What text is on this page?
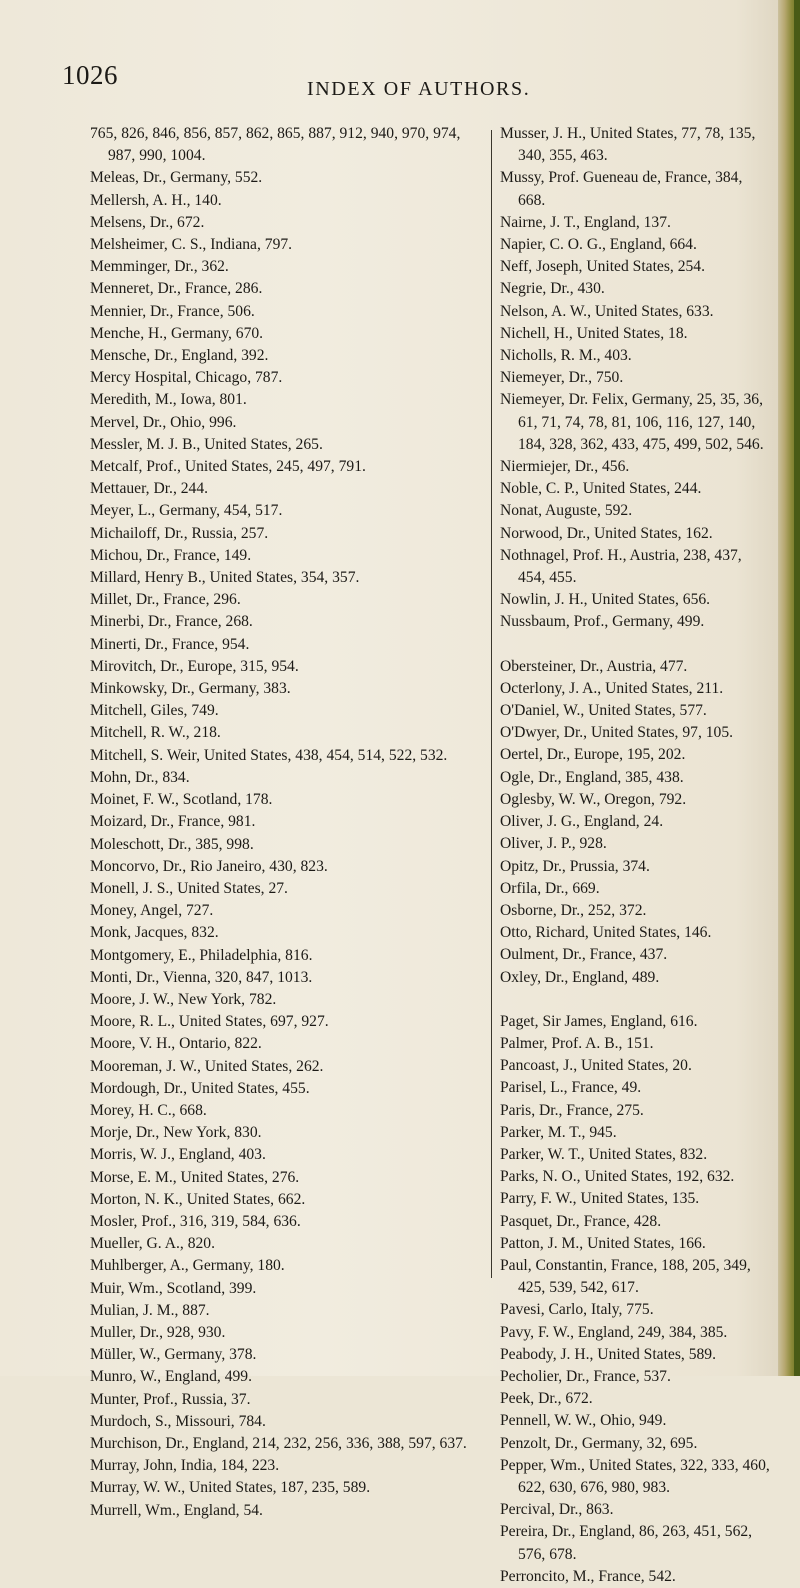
1026	INDEX OF AUTHORS.

765, 826, 846, 856, 857, 862, 865, 887, 912, 940, 970, 974, 987, 990, 1004.

Meleas, Dr., Germany, 552.

Mellersh, A. H., 140.

Melsens, Dr., 672.

Melsheimer, C. S., Indiana, 797.

Memminger, Dr., 362.

Menneret, Dr., France, 286.

Mennier, Dr., France, 506.

Menche, H., Germany, 670.

Mensche, Dr., England, 392.

Mercy Hospital, Chicago, 787.

Meredith, M., Iowa, 801.

Mervel, Dr., Ohio, 996.

Messler, M. J. B., United States, 265.

Metcalf, Prof., United States, 245, 497, 791.

Mettauer, Dr., 244.

Meyer, L., Germany, 454, 517.

Michailoff, Dr., Russia, 257.

Michou, Dr., France, 149.

Millard, Henry B., United States, 354, 357.

Millet, Dr., France, 296.

Minerbi, Dr., France, 268.

Minerti, Dr., France, 954.

Mirovitch, Dr., Europe, 315, 954.

Minkowsky, Dr., Germany, 383.

Mitchell, Giles, 749.

Mitchell, R. W., 218.

Mitchell, S. Weir, United States, 438, 454, 514, 522, 532.

Mohn, Dr., 834.

Moinet, F. W., Scotland, 178.

Moizard, Dr., France, 981.

Moleschott, Dr., 385, 998.

Moncorvo, Dr., Rio Janeiro, 430, 823.

Monell, J. S., United States, 27.

Money, Angel, 727.

Monk, Jacques, 832.

Montgomery, E., Philadelphia, 816.

Monti, Dr., Vienna, 320, 847, 1013.

Moore, J. W., New York, 782.

Moore, R. L., United States, 697, 927.

Moore, V. H., Ontario, 822.

Mooreman, J. W., United States, 262.

Mordough, Dr., United States, 455.

Morey, H. C., 668.

Morje, Dr., New York, 830.

Morris, W. J., England, 403.

Morse, E. M., United States, 276.

Morton, N. K., United States, 662.

Mosler, Prof., 316, 319, 584, 636.

Mueller, G. A., 820.

Muhlberger, A., Germany, 180.

Muir, Wm., Scotland, 399.

Mulian, J. M., 887.

Muller, Dr., 928, 930.

Müller, W., Germany, 378.

Munro, W., England, 499.

Munter, Prof., Russia, 37.

Murdoch, S., Missouri, 784.

Murchison, Dr., England, 214, 232, 256, 336, 388, 597, 637.

Murray, John, India, 184, 223.

Murray, W. W., United States, 187, 235, 589.

Murrell, Wm., England, 54.

Musser, J. H., United States, 77, 78, 135, 340, 355, 463.

Mussy, Prof. Gueneau de, France, 384, 668.

Nairne, J. T., England, 137.

Napier, C. O. G., England, 664.

Neff, Joseph, United States, 254.

Negrie, Dr., 430.

Nelson, A. W., United States, 633.

Nichell, H., United States, 18.

Nicholls, R. M., 403.

Niemeyer, Dr., 750.

Niemeyer, Dr. Felix, Germany, 25, 35, 36, 61, 71, 74, 78, 81, 106, 116, 127, 140, 184, 328, 362, 433, 475, 499, 502, 546.

Niermiejer, Dr., 456.

Noble, C. P., United States, 244.

Nonat, Auguste, 592.

Norwood, Dr., United States, 162.

Nothnagel, Prof. H., Austria, 238, 437, 454, 455.

Nowlin, J. H., United States, 656.

Nussbaum, Prof., Germany, 499.

Obersteiner, Dr., Austria, 477.

Octerlony, J. A., United States, 211.

O'Daniel, W., United States, 577.

O'Dwyer, Dr., United States, 97, 105.

Oertel, Dr., Europe, 195, 202.

Ogle, Dr., England, 385, 438.

Oglesby, W. W., Oregon, 792.

Oliver, J. G., England, 24.

Oliver, J. P., 928.

Opitz, Dr., Prussia, 374.

Orfila, Dr., 669.

Osborne, Dr., 252, 372.

Otto, Richard, United States, 146.

Oulment, Dr., France, 437.

Oxley, Dr., England, 489.

Paget, Sir James, England, 616.

Palmer, Prof. A. B., 151.

Pancoast, J., United States, 20.

Parisel, L., France, 49.

Paris, Dr., France, 275.

Parker, M. T., 945.

Parker, W. T., United States, 832.

Parks, N. O., United States, 192, 632.

Parry, F. W., United States, 135.

Pasquet, Dr., France, 428.

Patton, J. M., United States, 166.

Paul, Constantin, France, 188, 205, 349, 425, 539, 542, 617.

Pavesi, Carlo, Italy, 775.

Pavy, F. W., England, 249, 384, 385.

Peabody, J. H., United States, 589.

Pecholier, Dr., France, 537.

Peek, Dr., 672.

Pennell, W. W., Ohio, 949.

Penzolt, Dr., Germany, 32, 695.

Pepper, Wm., United States, 322, 333, 460, 622, 630, 676, 980, 983.

Percival, Dr., 863.

Pereira, Dr., England, 86, 263, 451, 562, 576, 678.

Perroncito, M., France, 542.
